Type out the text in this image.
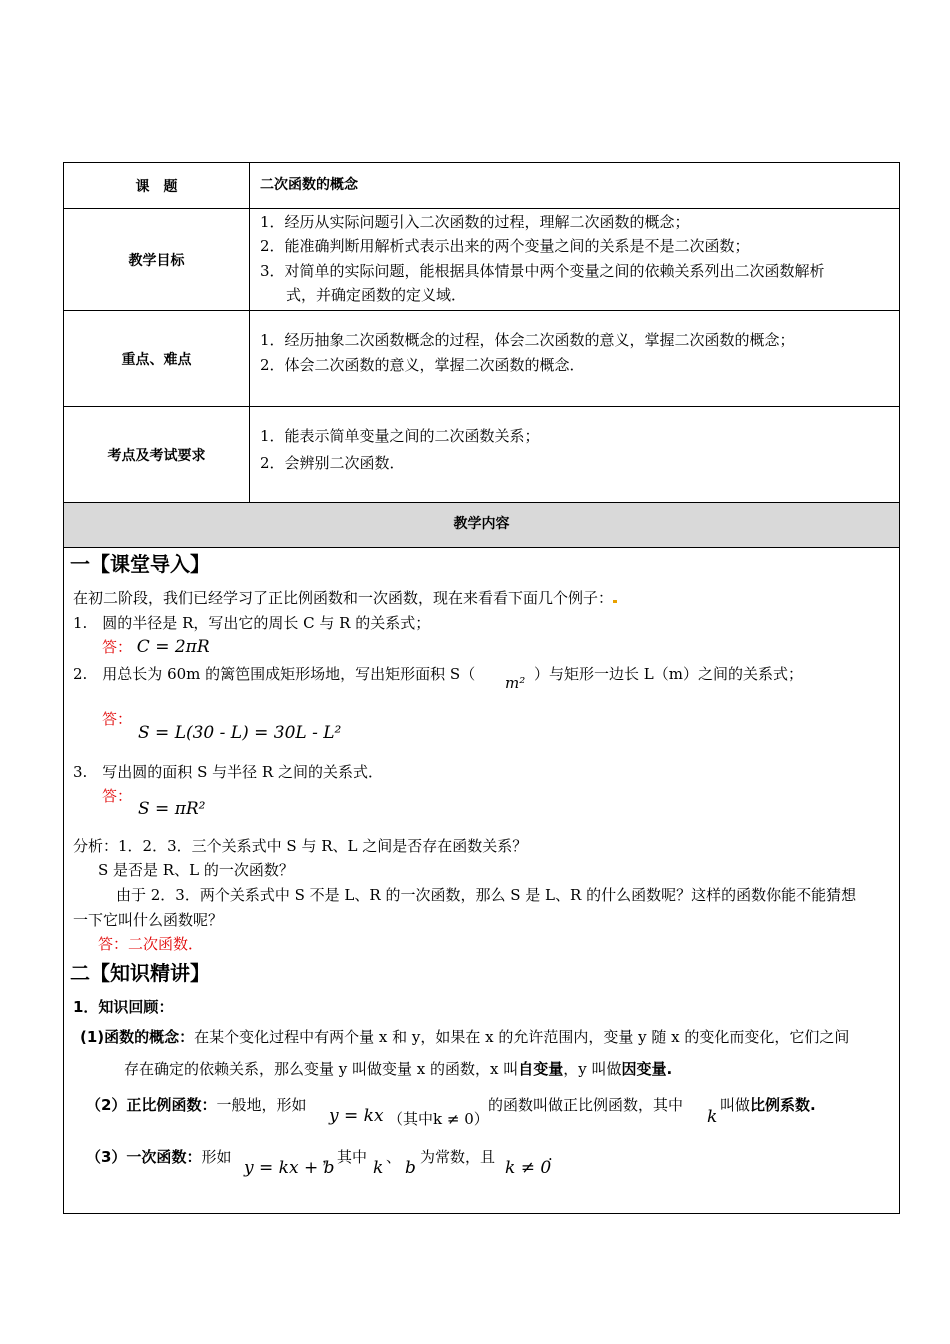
课　题	二次函数的概念
教学目标
1．经历从实际问题引入二次函数的过程，理解二次函数的概念；
2．能准确判断用解析式表示出来的两个变量之间的关系是不是二次函数；
3．对简单的实际问题，能根据具体情景中两个变量之间的依赖关系列出二次函数解析
式，并确定函数的定义域．
重点、难点
1．经历抽象二次函数概念的过程，体会二次函数的意义，掌握二次函数的概念；
2．体会二次函数的意义，掌握二次函数的概念．
考点及考试要求
1．能表示简单变量之间的二次函数关系；
2．会辨别二次函数．
教学内容
一【课堂导入】
在初二阶段，我们已经学习了正比例函数和一次函数，现在来看看下面几个例子：
1.　圆的半径是 R，写出它的周长 C 与 R 的关系式；
答： C = 2πR
2.　用总长为 60m 的篱笆围成矩形场地，写出矩形面积 S（ m² ）与矩形一边长 L（m）之间的关系式；
答：
S = L(30 - L) = 30L - L²
3.　写出圆的面积 S 与半径 R 之间的关系式．
答：
S = πR²
分析：1．2．3．三个关系式中 S 与 R、L 之间是否存在函数关系？
S 是否是 R、L 的一次函数？
由于 2．3．两个关系式中 S 不是 L、R 的一次函数，那么 S 是 L、R 的什么函数呢？这样的函数你能不能猜想
一下它叫什么函数呢？
答：二次函数．
二【知识精讲】
1．知识回顾：
(1)函数的概念：在某个变化过程中有两个量 x 和 y，如果在 x 的允许范围内，变量 y 随 x 的变化而变化，它们之间
存在确定的依赖关系，那么变量 y 叫做变量 x 的函数，x 叫自变量，y 叫做因变量.
（2）正比例函数：一般地，形如
y = kx （其中k ≠ 0）
的函数叫做正比例函数，其中
k
叫做比例系数.
（3）一次函数：形如
y = kx + b
，其中
k
、
b
为常数，且
k ≠ 0
.
